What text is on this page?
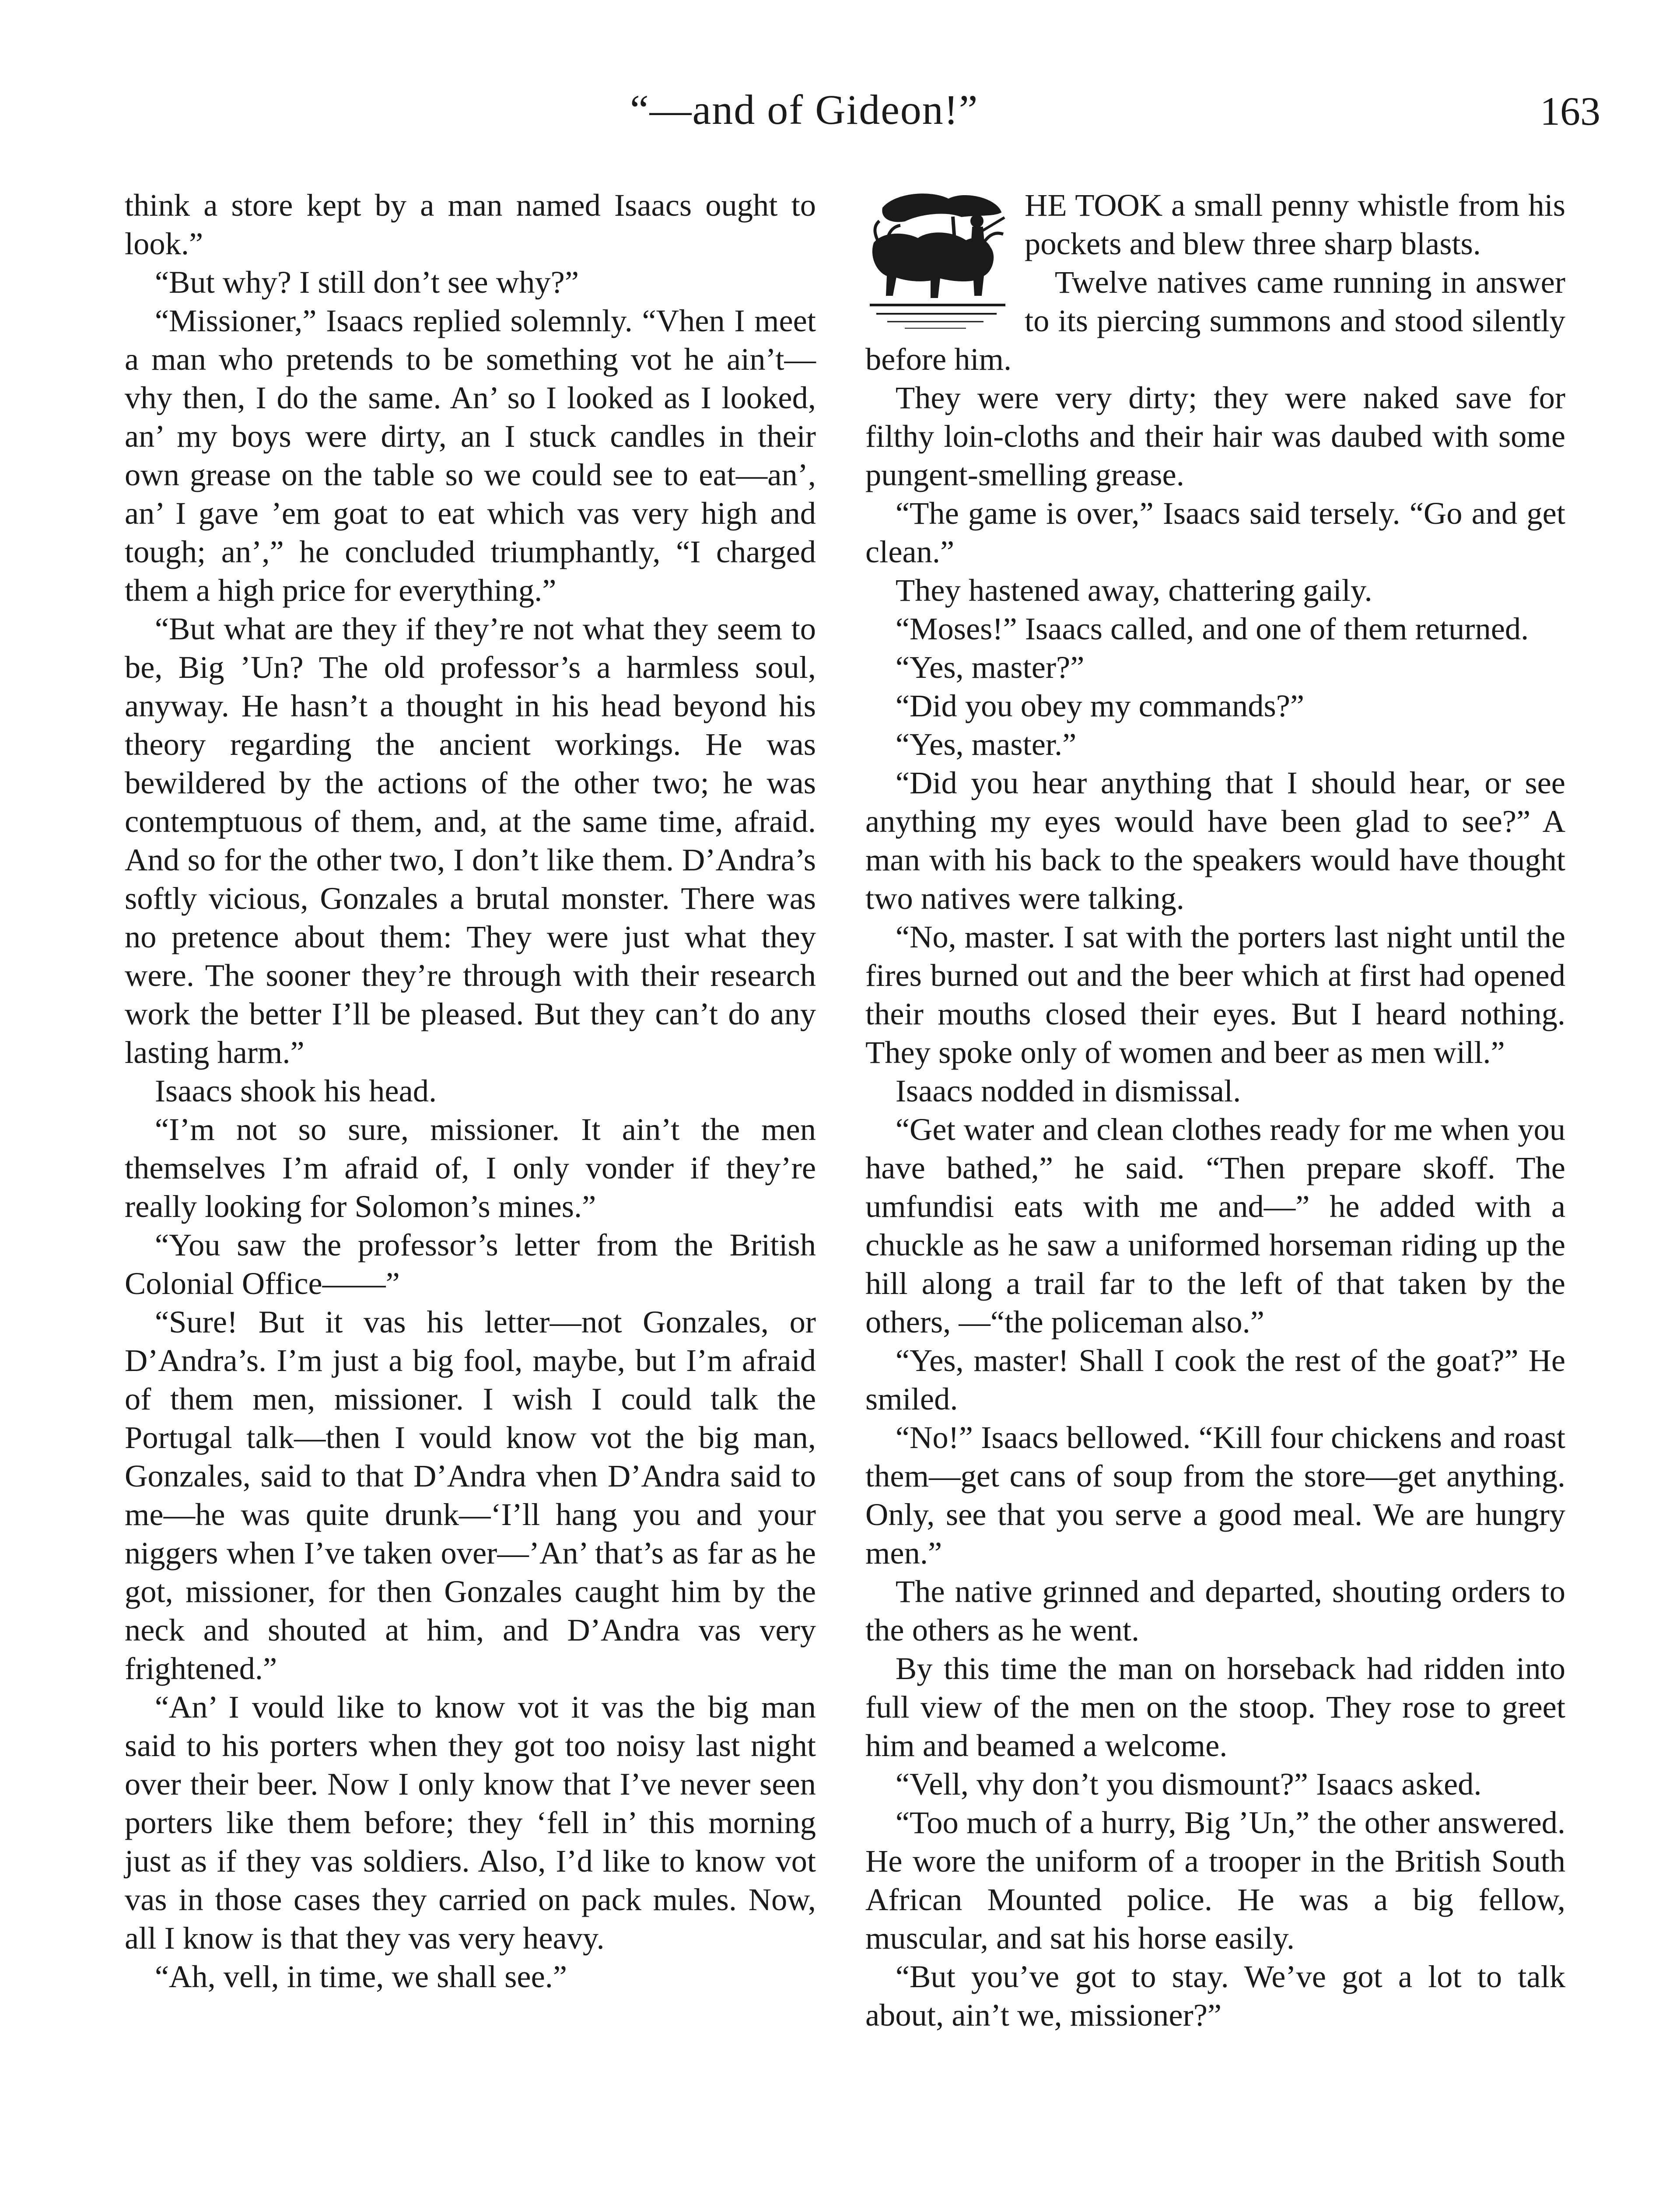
“—and of Gideon!”	163

think a store kept by a man named Isaacs ought to look.”

“But why? I still don’t see why?”

“Missioner,” Isaacs replied solemnly. “Vhen I meet a man who pretends to be something vot he ain’t—vhy then, I do the same. An’ so I looked as I looked, an’ my boys were dirty, an I stuck candles in their own grease on the table so we could see to eat—an’, an’ I gave ’em goat to eat which vas very high and tough; an’,” he concluded triumphantly, “I charged them a high price for everything.”

“But what are they if they’re not what they seem to be, Big ’Un? The old professor’s a harmless soul, anyway. He hasn’t a thought in his head beyond his theory regarding the ancient workings. He was bewildered by the actions of the other two; he was contemptuous of them, and, at the same time, afraid. And so for the other two, I don’t like them. D’Andra’s softly vicious, Gonzales a brutal monster. There was no pretence about them: They were just what they were. The sooner they’re through with their research work the better I’ll be pleased. But they can’t do any lasting harm.”

Isaacs shook his head.

“I’m not so sure, missioner. It ain’t the men themselves I’m afraid of, I only vonder if they’re really looking for Solomon’s mines.”

“You saw the professor’s letter from the British Colonial Office——”

“Sure! But it vas his letter—not Gonzales, or D’Andra’s. I’m just a big fool, maybe, but I’m afraid of them men, missioner. I wish I could talk the Portugal talk—then I vould know vot the big man, Gonzales, said to that D’Andra vhen D’Andra said to me—he was quite drunk—‘I’ll hang you and your niggers when I’ve taken over—’An’ that’s as far as he got, missioner, for then Gonzales caught him by the neck and shouted at him, and D’Andra vas very frightened.”

“An’ I vould like to know vot it vas the big man said to his porters when they got too noisy last night over their beer. Now I only know that I’ve never seen porters like them before; they ‘fell in’ this morning just as if they vas soldiers. Also, I’d like to know vot vas in those cases they carried on pack mules. Now, all I know is that they vas very heavy.

“Ah, vell, in time, we shall see.”

HE TOOK a small penny whistle from his pockets and blew three sharp blasts.

Twelve natives came running in answer to its piercing summons and stood silently before him.

They were very dirty; they were naked save for filthy loin-cloths and their hair was daubed with some pungent-smelling grease.

“The game is over,” Isaacs said tersely. “Go and get clean.”

They hastened away, chattering gaily.

“Moses!” Isaacs called, and one of them returned.

“Yes, master?”

“Did you obey my commands?”

“Yes, master.”

“Did you hear anything that I should hear, or see anything my eyes would have been glad to see?” A man with his back to the speakers would have thought two natives were talking.

“No, master. I sat with the porters last night until the fires burned out and the beer which at first had opened their mouths closed their eyes. But I heard nothing. They spoke only of women and beer as men will.”

Isaacs nodded in dismissal.

“Get water and clean clothes ready for me when you have bathed,” he said. “Then prepare skoff. The umfundisi eats with me and—” he added with a chuckle as he saw a uniformed horseman riding up the hill along a trail far to the left of that taken by the others, —“the policeman also.”

“Yes, master! Shall I cook the rest of the goat?” He smiled.

“No!” Isaacs bellowed. “Kill four chickens and roast them—get cans of soup from the store—get anything. Only, see that you serve a good meal. We are hungry men.”

The native grinned and departed, shouting orders to the others as he went.

By this time the man on horseback had ridden into full view of the men on the stoop. They rose to greet him and beamed a welcome.

“Vell, vhy don’t you dismount?” Isaacs asked.

“Too much of a hurry, Big ’Un,” the other answered. He wore the uniform of a trooper in the British South African Mounted police. He was a big fellow, muscular, and sat his horse easily.

“But you’ve got to stay. We’ve got a lot to talk about, ain’t we, missioner?”
